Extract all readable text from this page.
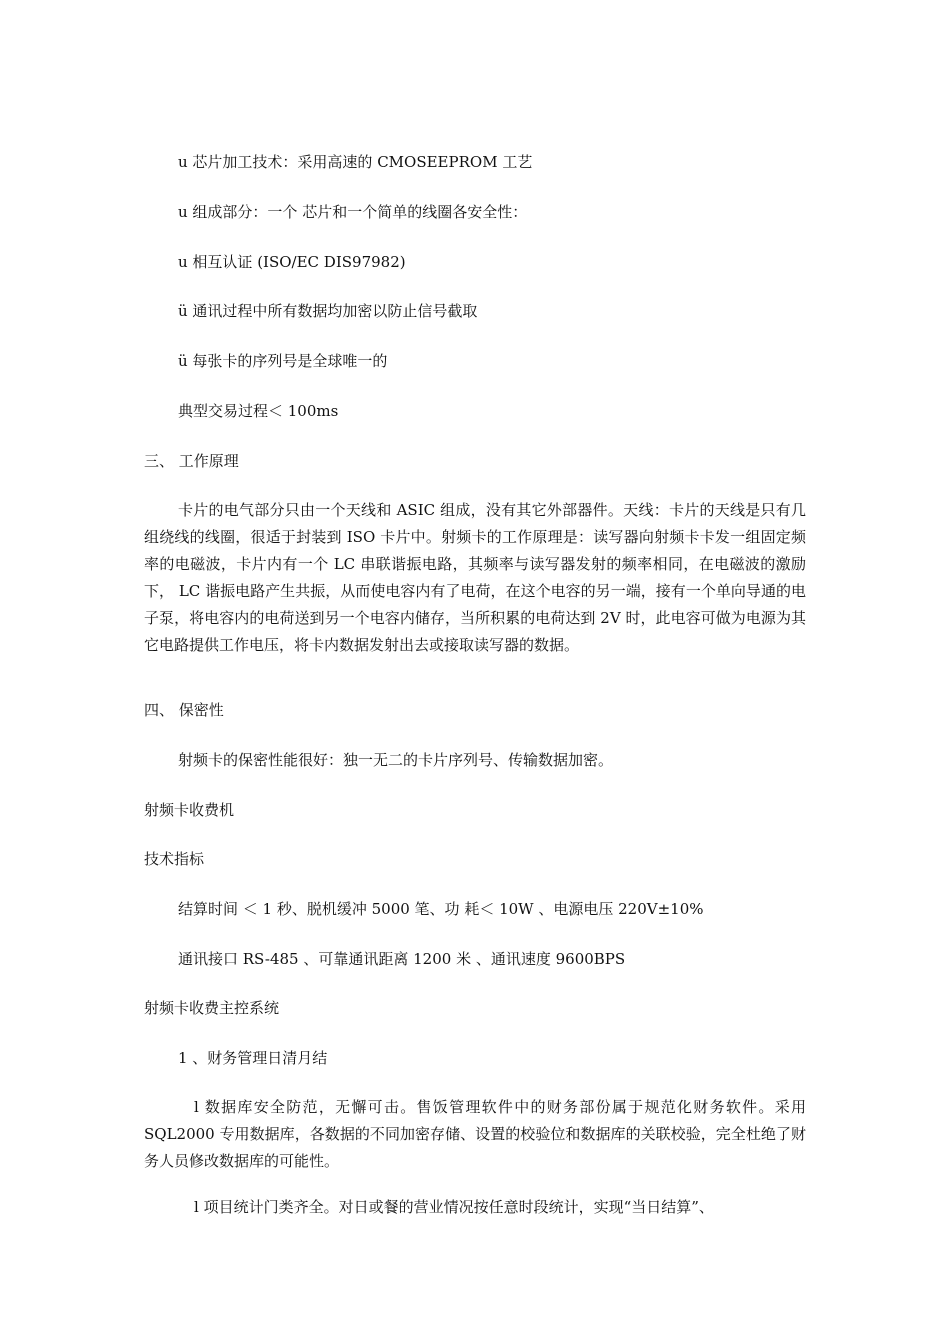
u 芯片加工技术：采用高速的 CMOSEEPROM 工艺
u 组成部分：一个 芯片和一个简单的线圈各安全性：
u 相互认证 (ISO/EC DIS97982)
ü 通讯过程中所有数据均加密以防止信号截取
ü 每张卡的序列号是全球唯一的
典型交易过程＜ 100ms
三、 工作原理
卡片的电气部分只由一个天线和 ASIC 组成，没有其它外部器件。天线：卡片的天线是只有几组绕线的线圈，很适于封装到 ISO 卡片中。射频卡的工作原理是：读写器向射频卡卡发一组固定频率的电磁波，卡片内有一个 LC 串联谐振电路，其频率与读写器发射的频率相同，在电磁波的激励下， LC 谐振电路产生共振，从而使电容内有了电荷，在这个电容的另一端，接有一个单向导通的电子泵，将电容内的电荷送到另一个电容内储存，当所积累的电荷达到 2V 时，此电容可做为电源为其它电路提供工作电压，将卡内数据发射出去或接取读写器的数据。
四、 保密性
射频卡的保密性能很好：独一无二的卡片序列号、传输数据加密。
射频卡收费机
技术指标
结算时间 ＜ 1 秒、脱机缓冲 5000 笔、功 耗＜ 10W 、电源电压 220V±10%
通讯接口 RS-485 、可靠通讯距离 1200 米 、通讯速度 9600BPS
射频卡收费主控系统
1 、财务管理日清月结
l 数据库安全防范，无懈可击。售饭管理软件中的财务部份属于规范化财务软件。采用 SQL2000 专用数据库，各数据的不同加密存储、设置的校验位和数据库的关联校验，完全杜绝了财务人员修改数据库的可能性。
l 项目统计门类齐全。对日或餐的营业情况按任意时段统计，实现“当日结算”、
